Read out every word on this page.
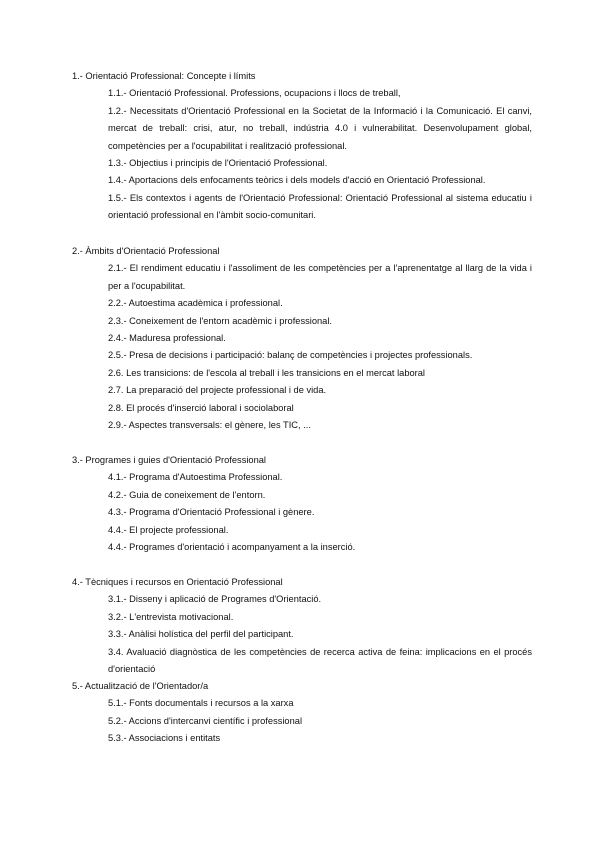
1.- Orientació Professional: Concepte i límits
1.1.- Orientació Professional. Professions, ocupacions i llocs de treball,
1.2.- Necessitats d'Orientació Professional en la Societat de la Informació i la Comunicació. El canvi, mercat de treball: crisi, atur, no treball, indústria 4.0 i vulnerabilitat. Desenvolupament global, competències per a l'ocupabilitat i realització professional.
1.3.- Objectius i principis de l'Orientació Professional.
1.4.- Aportacions dels enfocaments teòrics i dels models d'acció en Orientació Professional.
1.5.- Els contextos i agents de l'Orientació Professional: Orientació Professional al sistema educatiu i orientació professional en l'àmbit socio-comunitari.
2.- Àmbits d'Orientació Professional
2.1.- El rendiment educatiu i l'assoliment de les competències per a l'aprenentatge al llarg de la vida i per a l'ocupabilitat.
2.2.- Autoestima acadèmica i professional.
2.3.- Coneixement de l'entorn acadèmic i professional.
2.4.- Maduresa professional.
2.5.- Presa de decisions i participació: balanç de competències i projectes professionals.
2.6. Les transicions: de l'escola al treball i les transicions en el mercat laboral
2.7. La preparació del projecte professional i de vida.
2.8. El procés d'inserció laboral i sociolaboral
2.9.- Aspectes transversals: el gènere, les TIC, ...
3.- Programes i guies d'Orientació Professional
4.1.- Programa d'Autoestima Professional.
4.2.- Guia de coneixement de l'entorn.
4.3.- Programa d'Orientació Professional i gènere.
4.4.- El projecte professional.
4.4.- Programes d'orientació i acompanyament a la inserció.
4.- Tècniques i recursos en Orientació Professional
3.1.- Disseny i aplicació de Programes d'Orientació.
3.2.- L'entrevista motivacional.
3.3.- Anàlisi holística del perfil del participant.
3.4. Avaluació diagnòstica de les competències de recerca activa de feina: implicacions en el procés d'orientació
5.- Actualització de l'Orientador/a
5.1.- Fonts documentals i recursos a la xarxa
5.2.- Accions d'intercanvi científic i professional
5.3.- Associacions i entitats
